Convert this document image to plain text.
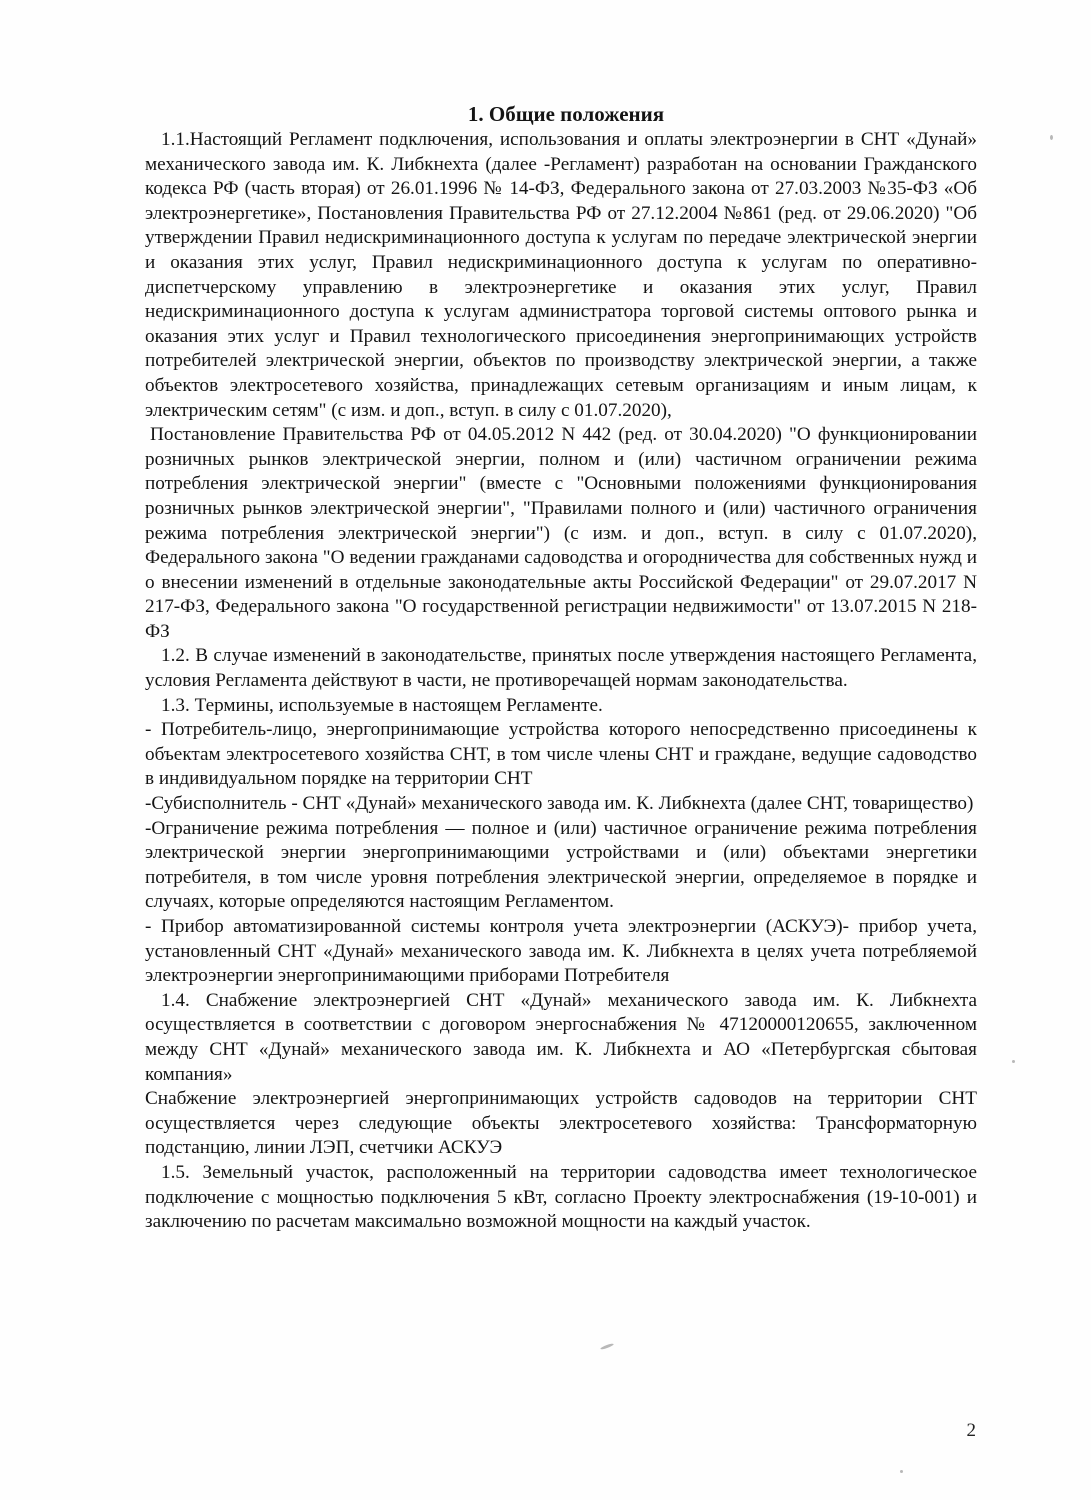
1. Общие положения

1.1.Настоящий Регламент подключения, использования и оплаты электроэнергии в СНТ «Дунай» механического завода им. К. Либкнехта (далее -Регламент) разработан на основании Гражданского кодекса РФ (часть вторая) от 26.01.1996 № 14-ФЗ, Федерального закона от 27.03.2003 №35-ФЗ «Об электроэнергетике», Постановления Правительства РФ от 27.12.2004 №861 (ред. от 29.06.2020) "Об утверждении Правил недискриминационного доступа к услугам по передаче электрической энергии и оказания этих услуг, Правил недискриминационного доступа к услугам по оперативно-диспетчерскому управлению в электроэнергетике и оказания этих услуг, Правил недискриминационного доступа к услугам администратора торговой системы оптового рынка и оказания этих услуг и Правил технологического присоединения энергопринимающих устройств потребителей электрической энергии, объектов по производству электрической энергии, а также объектов электросетевого хозяйства, принадлежащих сетевым организациям и иным лицам, к электрическим сетям" (с изм. и доп., вступ. в силу с 01.07.2020),

Постановление Правительства РФ от 04.05.2012 N 442 (ред. от 30.04.2020) "О функционировании розничных рынков электрической энергии, полном и (или) частичном ограничении режима потребления электрической энергии" (вместе с "Основными положениями функционирования розничных рынков электрической энергии", "Правилами полного и (или) частичного ограничения режима потребления электрической энергии") (с изм. и доп., вступ. в силу с 01.07.2020), Федерального закона "О ведении гражданами садоводства и огородничества для собственных нужд и о внесении изменений в отдельные законодательные акты Российской Федерации" от 29.07.2017 N 217-ФЗ, Федерального закона "О государственной регистрации недвижимости" от 13.07.2015 N 218-ФЗ

1.2. В случае изменений в законодательстве, принятых после утверждения настоящего Регламента, условия Регламента действуют в части, не противоречащей нормам законодательства.

1.3. Термины, используемые в настоящем Регламенте.

- Потребитель-лицо, энергопринимающие устройства которого непосредственно присоединены к объектам электросетевого хозяйства СНТ, в том числе члены СНТ и граждане, ведущие садоводство в индивидуальном порядке на территории СНТ

-Субисполнитель - СНТ «Дунай» механического завода им. К. Либкнехта (далее СНТ, товарищество)

-Ограничение режима потребления — полное и (или) частичное ограничение режима потребления электрической энергии энергопринимающими устройствами и (или) объектами энергетики потребителя, в том числе уровня потребления электрической энергии, определяемое в порядке и случаях, которые определяются настоящим Регламентом.

- Прибор автоматизированной системы контроля учета электроэнергии (АСКУЭ)- прибор учета, установленный СНТ «Дунай» механического завода им. К. Либкнехта в целях учета потребляемой электроэнергии энергопринимающими приборами Потребителя

1.4. Снабжение электроэнергией СНТ «Дунай» механического завода им. К. Либкнехта осуществляется в соответствии с договором энергоснабжения № 47120000120655, заключенном между СНТ «Дунай» механического завода им. К. Либкнехта и АО «Петербургская сбытовая компания»

Снабжение электроэнергией энергопринимающих устройств садоводов на территории СНТ осуществляется через следующие объекты электросетевого хозяйства: Трансформаторную подстанцию, линии ЛЭП, счетчики АСКУЭ

1.5. Земельный участок, расположенный на территории садоводства имеет технологическое подключение с мощностью подключения 5 кВт, согласно Проекту электроснабжения (19-10-001) и заключению по расчетам максимально возможной мощности на каждый участок.

2
